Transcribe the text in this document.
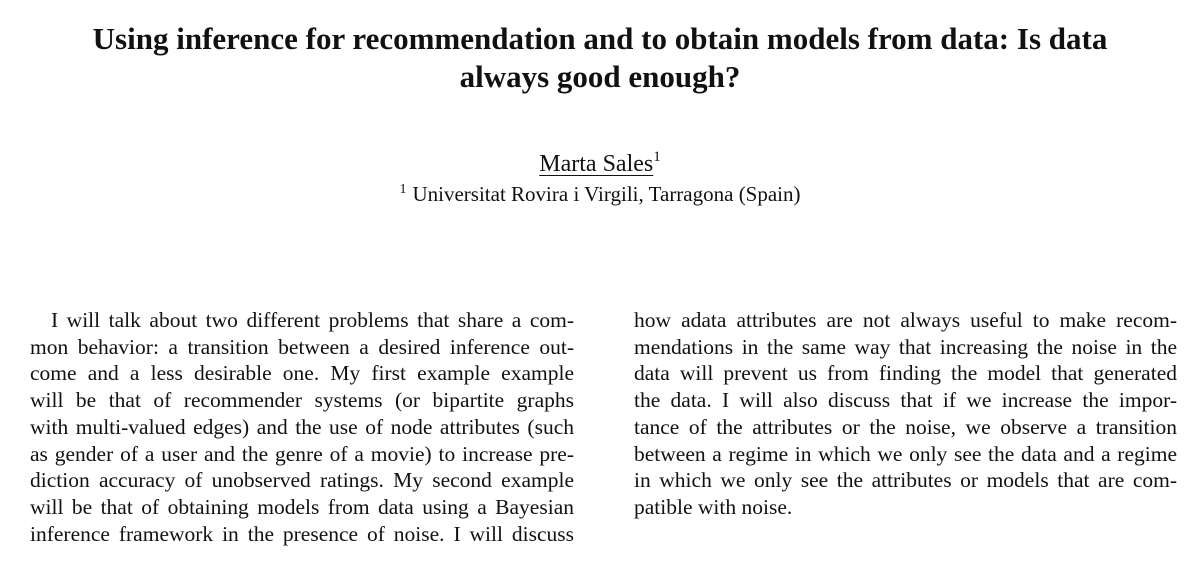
Using inference for recommendation and to obtain models from data: Is data
always good enough?
Marta Sales$^1$
$^1$ Universitat Rovira i Virgili, Tarragona (Spain)
I will talk about two different problems that share a com-
mon behavior: a transition between a desired inference out-
come and a less desirable one. My first example example
will be that of recommender systems (or bipartite graphs
with multi-valued edges) and the use of node attributes (such
as gender of a user and the genre of a movie) to increase pre-
diction accuracy of unobserved ratings. My second example
will be that of obtaining models from data using a Bayesian
inference framework in the presence of noise. I will discuss
how adata attributes are not always useful to make recom-
mendations in the same way that increasing the noise in the
data will prevent us from finding the model that generated
the data. I will also discuss that if we increase the impor-
tance of the attributes or the noise, we observe a transition
between a regime in which we only see the data and a regime
in which we only see the attributes or models that are com-
patible with noise.
